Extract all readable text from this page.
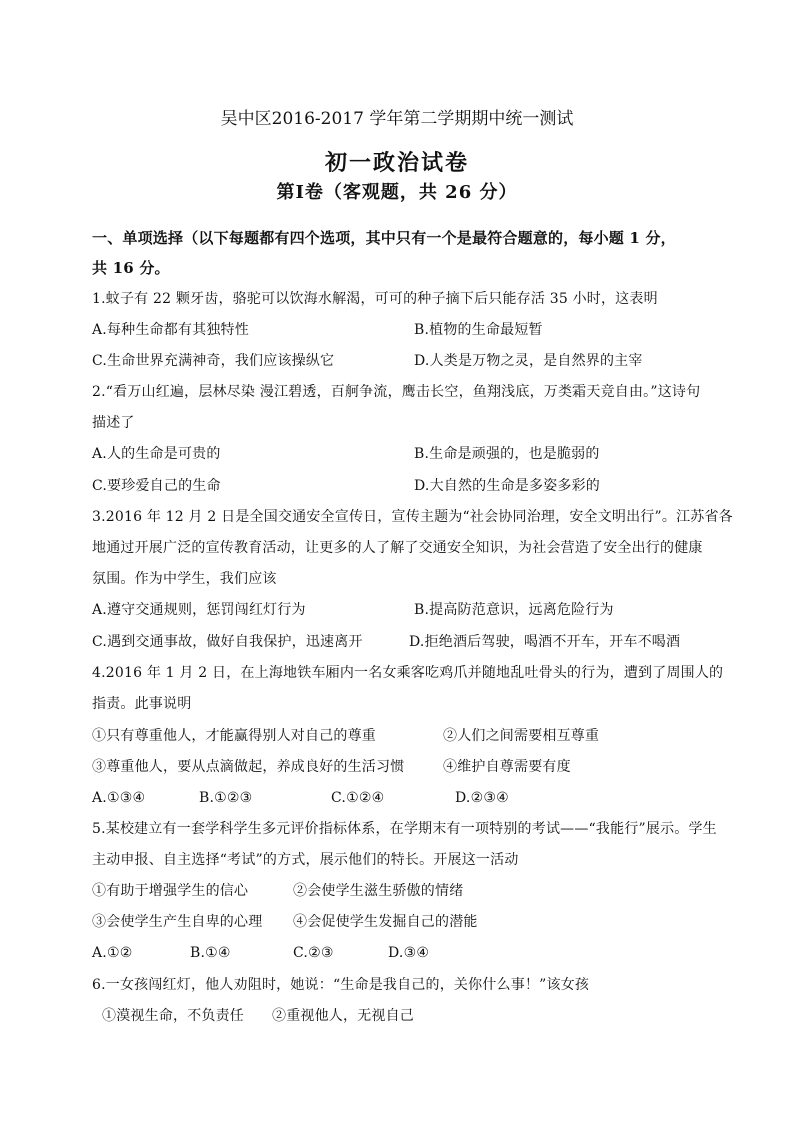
吴中区2016-2017 学年第二学期期中统一测试
初一政治试卷
第Ⅰ卷（客观题，共 26 分）
一、单项选择（以下每题都有四个选项，其中只有一个是最符合题意的，每小题 1 分，
共 16 分。
1.蚊子有 22 颗牙齿，骆驼可以饮海水解渴，可可的种子摘下后只能存活 35 小时，这表明
A.每种生命都有其独特性	B.植物的生命最短暂
C.生命世界充满神奇，我们应该操纵它	D.人类是万物之灵，是自然界的主宰
2.“看万山红遍，层林尽染 漫江碧透，百舸争流，鹰击长空，鱼翔浅底，万类霜天竞自由。”这诗句
描述了
A.人的生命是可贵的	B.生命是顽强的，也是脆弱的
C.要珍爱自己的生命	D.大自然的生命是多姿多彩的
3.2016 年 12 月 2 日是全国交通安全宣传日，宣传主题为“社会协同治理，安全文明出行”。江苏省各
地通过开展广泛的宣传教育活动，让更多的人了解了交通安全知识，为社会营造了安全出行的健康
氛围。作为中学生，我们应该
A.遵守交通规则，惩罚闯红灯行为	B.提高防范意识，远离危险行为
C.遇到交通事故，做好自我保护，迅速离开	D.拒绝酒后驾驶，喝酒不开车，开车不喝酒
4.2016 年 1 月 2 日，在上海地铁车厢内一名女乘客吃鸡爪并随地乱吐骨头的行为，遭到了周围人的
指责。此事说明
①只有尊重他人，才能赢得别人对自己的尊重	②人们之间需要相互尊重
③尊重他人，要从点滴做起，养成良好的生活习惯	④维护自尊需要有度
A.①③④	B.①②③	C.①②④	D.②③④
5.某校建立有一套学科学生多元评价指标体系，在学期末有一项特别的考试——“我能行”展示。学生
主动申报、自主选择“考试”的方式，展示他们的特长。开展这一活动
①有助于增强学生的信心	②会使学生滋生骄傲的情绪
③会使学生产生自卑的心理 ④会促使学生发掘自己的潜能
A.①②	B.①④	C.②③	D.③④
6.一女孩闯红灯，他人劝阻时，她说：“生命是我自己的，关你什么事！”该女孩
①漠视生命，不负责任 ②重视他人，无视自己
